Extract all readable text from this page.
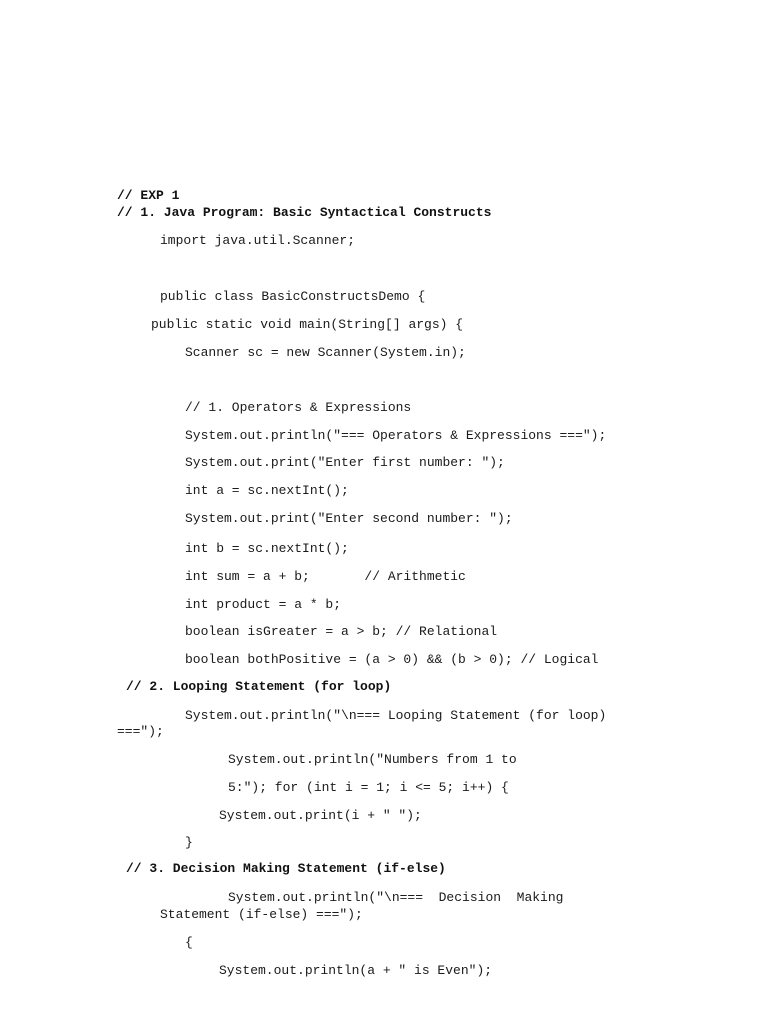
// EXP 1
// 1. Java Program: Basic Syntactical Constructs
import java.util.Scanner;
public class BasicConstructsDemo {
public static void main(String[] args) {
Scanner sc = new Scanner(System.in);
// 1. Operators & Expressions
System.out.println("=== Operators & Expressions ===");
System.out.print("Enter first number: ");
int a = sc.nextInt();
System.out.print("Enter second number: ");
int b = sc.nextInt();
int sum = a + b;       // Arithmetic
int product = a * b;
boolean isGreater = a > b; // Relational
boolean bothPositive = (a > 0) && (b > 0); // Logical
// 2. Looping Statement (for loop)
System.out.println("\n=== Looping Statement (for loop)
===");
System.out.println("Numbers from 1 to
5:"); for (int i = 1; i <= 5; i++) {
System.out.print(i + " ");
}
// 3. Decision Making Statement (if-else)
System.out.println("\n===  Decision  Making
Statement (if-else) ===");
{
System.out.println(a + " is Even");
